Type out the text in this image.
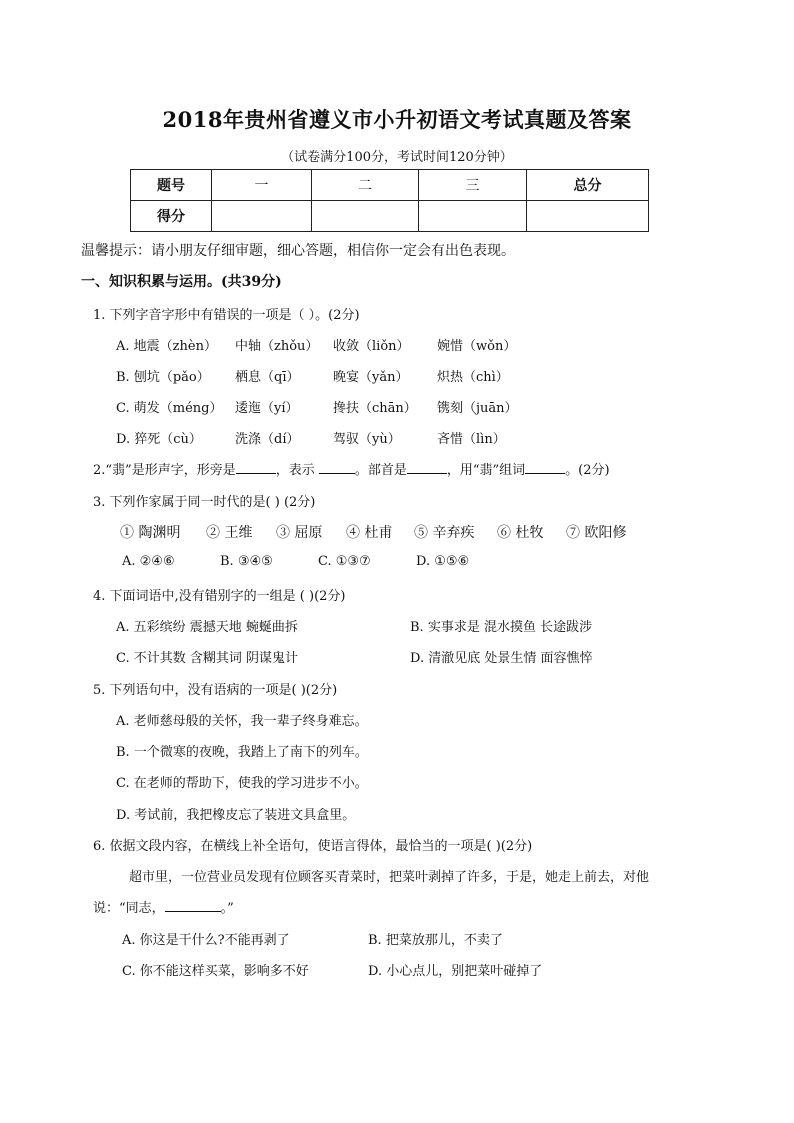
2018年贵州省遵义市小升初语文考试真题及答案
（试卷满分100分，考试时间120分钟）
题号	一	二	三	总分
得分				
温馨提示：请小朋友仔细审题，细心答题，相信你一定会有出色表现。
一、知识积累与运用。(共39分)
1. 下列字音字形中有错误的一项是（ ）。(2分)
A. 地震（zhèn） 中轴（zhǒu） 收敛（liǒn） 婉惜（wǒn）
B. 刨坑（pǎo） 栖息（qī）	晚宴（yǎn） 炽热（chì）
C. 萌发（méng） 逶迤（yí）	搀扶（chān） 镌刻（juān）
D. 猝死（cù）	洗涤（dí）	驾驭（yù）	吝惜（lìn）
2.“翡”是形声字，形旁是	，表示	。部首是	，用“翡”组词	。(2分)
3. 下列作家属于同一时代的是( ) (2分)
① 陶渊明 ② 王维 ③ 屈原 ④ 杜甫 ⑤ 辛弃疾 ⑥ 杜牧 ⑦ 欧阳修
A. ②④⑥	B. ③④⑤	C. ①③⑦	D. ①⑤⑥
4. 下面词语中,没有错别字的一组是 ( )(2分)
A. 五彩缤纷 震撼天地 蜿蜒曲拆	B. 实事求是 混水摸鱼 长途跋涉
C. 不计其数 含糊其词 阴谋鬼计	D. 清澈见底 处景生情 面容憔悴
5. 下列语句中，没有语病的一项是( )(2分)
A. 老师慈母般的关怀，我一辈子终身难忘。
B. 一个微寒的夜晚，我踏上了南下的列车。
C. 在老师的帮助下，使我的学习进步不小。
D. 考试前，我把橡皮忘了装进文具盒里。
6. 依据文段内容，在横线上补全语句，使语言得体，最恰当的一项是( )(2分)
超市里，一位营业员发现有位顾客买青菜时，把菜叶剥掉了许多，于是，她走上前去，对他
说：“同志，	。”
A. 你这是干什么?不能再剥了	B. 把菜放那儿，不卖了
C. 你不能这样买菜，影响多不好	D. 小心点儿，别把菜叶碰掉了
